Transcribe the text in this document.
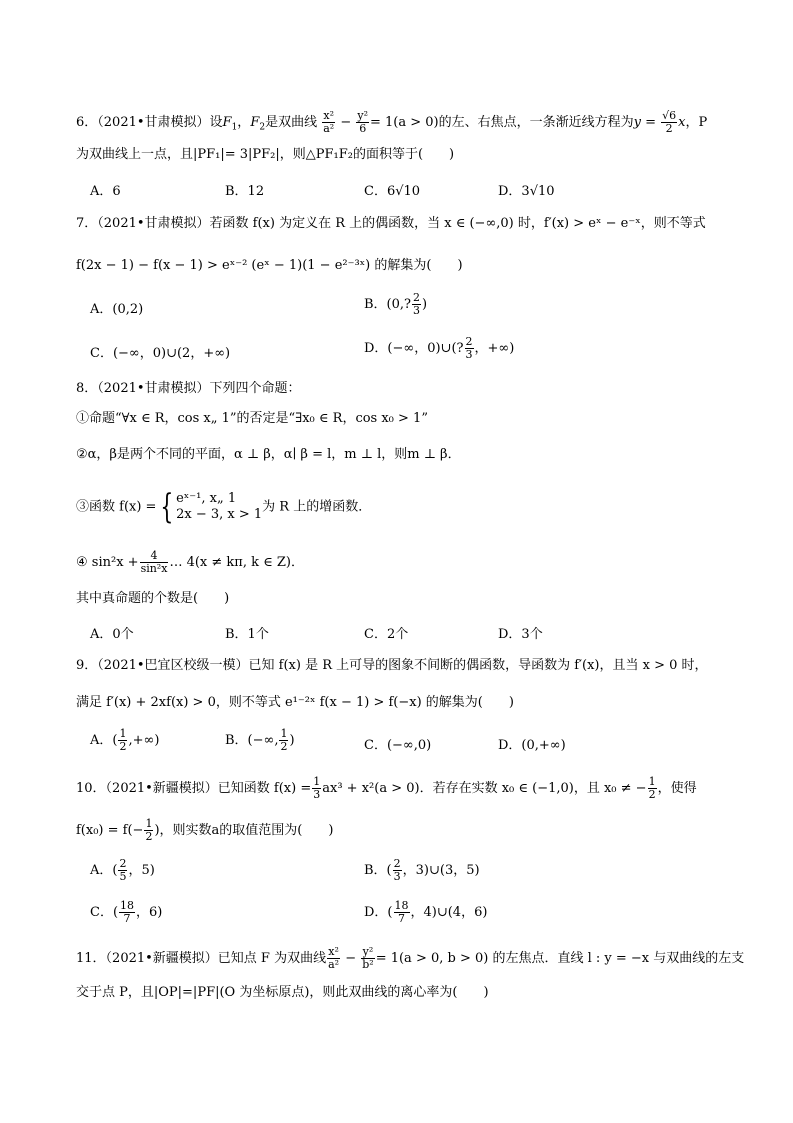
6．（2021•甘肃模拟）设$F_1$，$F_2$是双曲线 $\frac{\text{x²}}{\text{a²}} - \frac{\text{y²}}{6} = 1(a > 0)$的左、右焦点，一条渐近线方程为$y = \frac{√6}{2}$ x，P
为双曲线上一点，且|PF₁|= 3|PF₂|，则△PF₁F₂的面积等于(　　)
A．6	B．12	C．6√10	D．3√10
7．（2021•甘肃模拟）若函数 f(x) 为定义在 R 上的偶函数，当 x ∈ (−∞,0) 时，f′(x) > eˣ − e⁻ˣ，则不等式
f(2x − 1) − f(x − 1) > eˣ⁻² (eˣ − 1)(1 − e²⁻³ˣ) 的解集为(　　)
A．(0,2)	B．(0,? $\frac{2}{3}$ )
C．(−∞，0)∪(2，+∞)	D．(−∞，0)∪(? $\frac{2}{3}$ ，+∞)
8．（2021•甘肃模拟）下列四个命题：
①命题“∀x ∈ R，cos x„ 1”的否定是“∃x₀ ∈ R，cos x₀ > 1”
②α，β是两个不同的平面，α ⊥ β，α∣ β = l，m ⊥ l，则m ⊥ β．
③函数 f(x) = { eˣ⁻¹, x„ 1
2x − 3, x > 1 为 R 上的增函数．
④ $\sin^2x + \frac{4}{\text{sin²x}}$ … 4(x ≠ kπ, k ∈ Z)．
其中真命题的个数是(　　)
A．0个	B．1个	C．2个	D．3个
9．（2021•巴宜区校级一模）已知 f(x) 是 R 上可导的图象不间断的偶函数，导函数为 f′(x)，且当 x > 0 时，
满足 f′(x) + 2xf(x) > 0，则不等式 e¹⁻²ˣ f(x − 1) > f(−x) 的解集为(　　)
A．( $\frac{1}{2}$ ,+∞)	B．(−∞, $\frac{1}{2}$ )	C．(−∞,0)	D．(0,+∞)
10．（2021•新疆模拟）已知函数 $f(x) = \frac{1}{3} ax^3 + x^2(a > 0)$．若存在实数 x₀ ∈ (−1,0)，且 x₀ ≠ − $\frac{1}{2}$ ，使得
$f(x_0) = f(- \frac{1}{2}$ )，则实数a的取值范围为(　　)
A．( $\frac{2}{5}$ ，5)	B．( $\frac{2}{3}$ ，3)∪(3，5)
C．( $\frac{18}{7}$ ，6)	D．( $\frac{18}{7}$ ，4)∪(4，6)
11．（2021•新疆模拟）已知点 F 为双曲线 $\frac{\text{x²}}{\text{a²}} - \frac{\text{y²}}{\text{b²}} = 1(a > 0$, b > 0) 的左焦点．直线 l : y = −x 与双曲线的左支
交于点 P，且|OP|=|PF|(O 为坐标原点)，则此双曲线的离心率为(　　)
